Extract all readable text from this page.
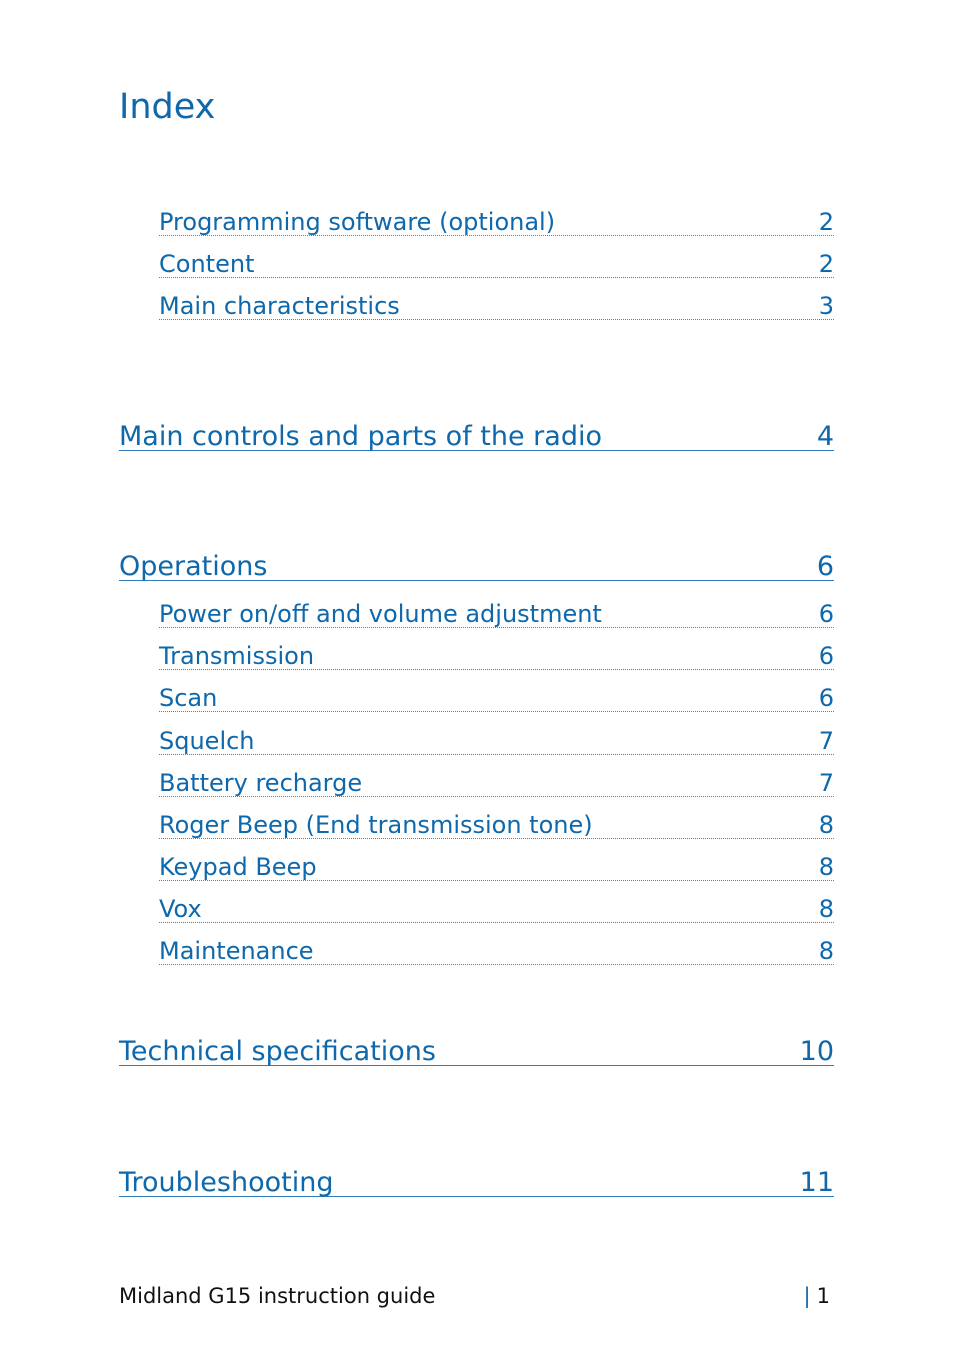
Index
Programming software (optional)	2
Content	2
Main characteristics	3
Main controls and parts of the radio	4
Operations	6
Power on/off and volume adjustment	6
Transmission	6
Scan	6
Squelch	7
Battery recharge	7
Roger Beep (End transmission tone)	8
Keypad Beep	8
Vox	8
Maintenance	8
Technical specifications	10
Troubleshooting	11
Midland G15 instruction guide	| 1
